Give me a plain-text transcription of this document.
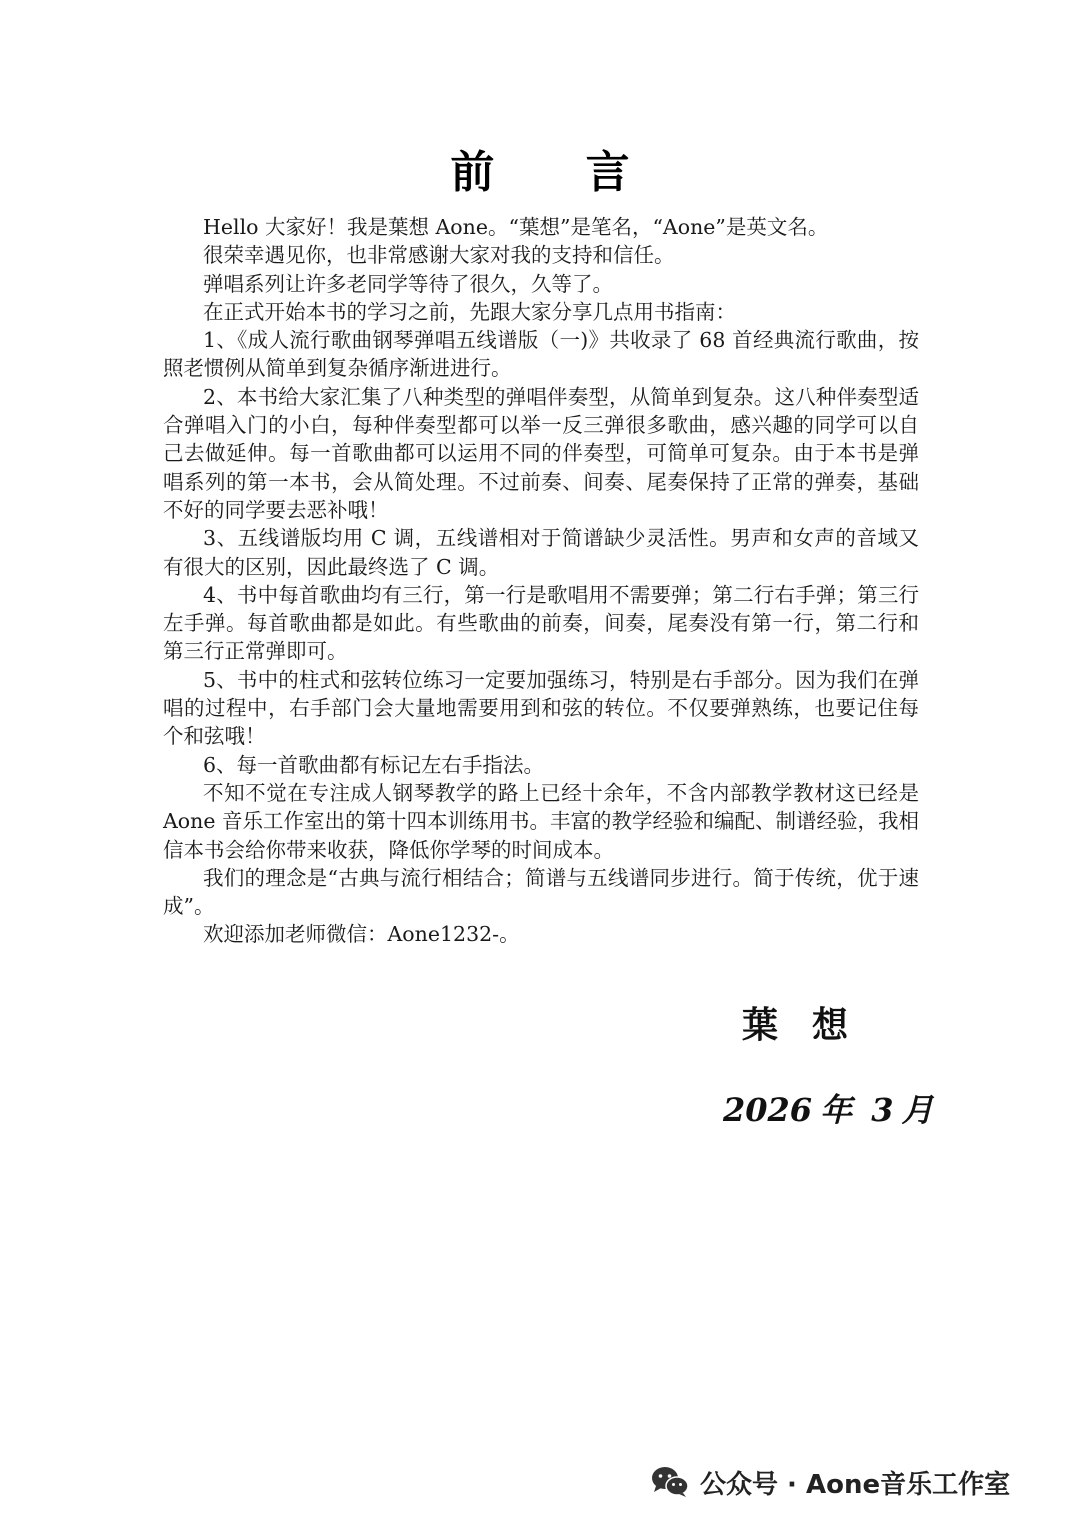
前 言

Hello 大家好！我是葉想 Aone。“葉想”是笔名，“Aone”是英文名。

很荣幸遇见你，也非常感谢大家对我的支持和信任。

弹唱系列让许多老同学等待了很久，久等了。

在正式开始本书的学习之前，先跟大家分享几点用书指南：

1、《成人流行歌曲钢琴弹唱五线谱版（一)》共收录了 68 首经典流行歌曲，按照老惯例从简单到复杂循序渐进进行。

2、本书给大家汇集了八种类型的弹唱伴奏型，从简单到复杂。这八种伴奏型适合弹唱入门的小白，每种伴奏型都可以举一反三弹很多歌曲，感兴趣的同学可以自己去做延伸。每一首歌曲都可以运用不同的伴奏型，可简单可复杂。由于本书是弹唱系列的第一本书，会从简处理。不过前奏、间奏、尾奏保持了正常的弹奏，基础不好的同学要去恶补哦！

3、五线谱版均用 C 调，五线谱相对于简谱缺少灵活性。男声和女声的音域又有很大的区别，因此最终选了 C 调。

4、书中每首歌曲均有三行，第一行是歌唱用不需要弹；第二行右手弹；第三行左手弹。每首歌曲都是如此。有些歌曲的前奏，间奏，尾奏没有第一行，第二行和第三行正常弹即可。

5、书中的柱式和弦转位练习一定要加强练习，特别是右手部分。因为我们在弹唱的过程中，右手部门会大量地需要用到和弦的转位。不仅要弹熟练，也要记住每个和弦哦！

6、每一首歌曲都有标记左右手指法。

不知不觉在专注成人钢琴教学的路上已经十余年，不含内部教学教材这已经是 Aone 音乐工作室出的第十四本训练用书。丰富的教学经验和编配、制谱经验，我相信本书会给你带来收获，降低你学琴的时间成本。

我们的理念是“古典与流行相结合；简谱与五线谱同步进行。简于传统，优于速成”。

欢迎添加老师微信：Aone1232-。

葉想
2026 年 3 月
公众号 · Aone音乐工作室
